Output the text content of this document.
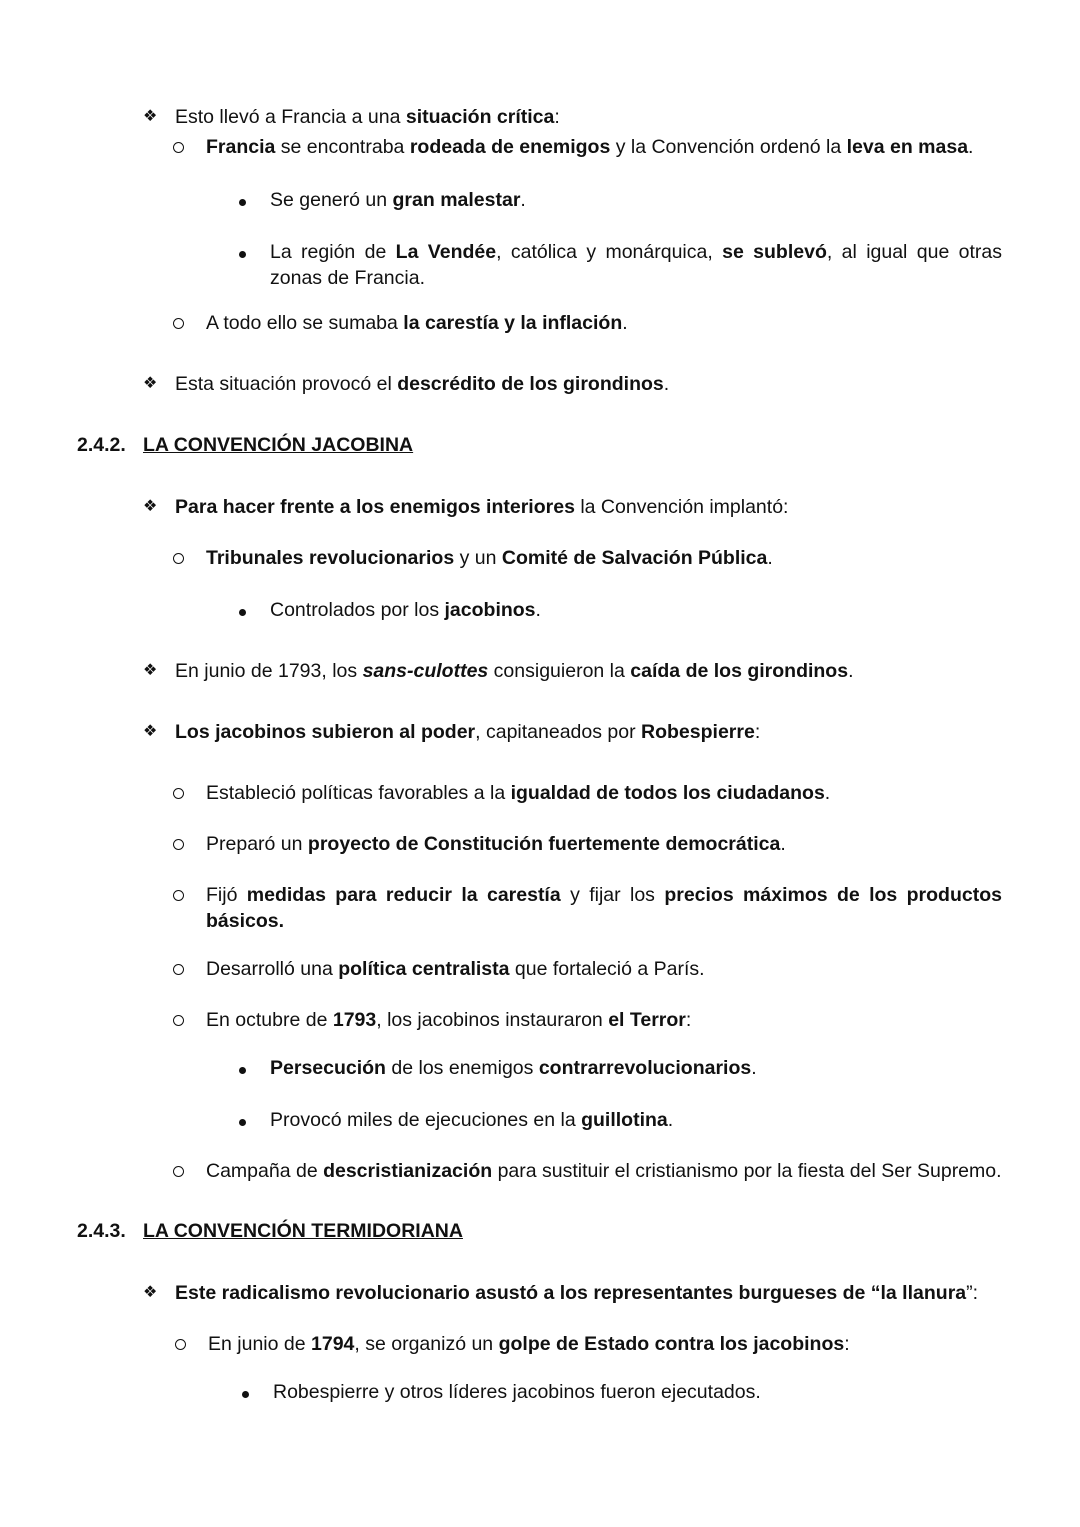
❖ Esto llevó a Francia a una situación crítica:
Francia se encontraba rodeada de enemigos y la Convención ordenó la leva en masa.
Se generó un gran malestar.
La región de La Vendée, católica y monárquica, se sublevó, al igual que otras zonas de Francia.
A todo ello se sumaba la carestía y la inflación.
❖ Esta situación provocó el descrédito de los girondinos.
2.4.2. LA CONVENCIÓN JACOBINA
❖ Para hacer frente a los enemigos interiores la Convención implantó:
Tribunales revolucionarios y un Comité de Salvación Pública.
Controlados por los jacobinos.
❖ En junio de 1793, los sans-culottes consiguieron la caída de los girondinos.
❖ Los jacobinos subieron al poder, capitaneados por Robespierre:
Estableció políticas favorables a la igualdad de todos los ciudadanos.
Preparó un proyecto de Constitución fuertemente democrática.
Fijó medidas para reducir la carestía y fijar los precios máximos de los productos básicos.
Desarrolló una política centralista que fortaleció a París.
En octubre de 1793, los jacobinos instauraron el Terror:
Persecución de los enemigos contrarrevolucionarios.
Provocó miles de ejecuciones en la guillotina.
Campaña de descristianización para sustituir el cristianismo por la fiesta del Ser Supremo.
2.4.3. LA CONVENCIÓN TERMIDORIANA
❖ Este radicalismo revolucionario asustó a los representantes burgueses de “la llanura”:
En junio de 1794, se organizó un golpe de Estado contra los jacobinos:
Robespierre y otros líderes jacobinos fueron ejecutados.
